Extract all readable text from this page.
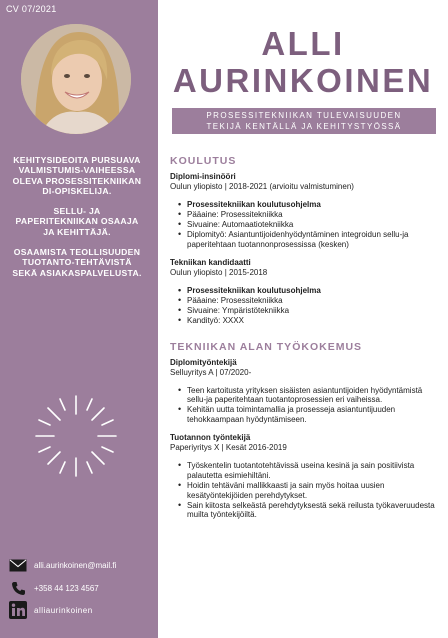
CV 07/2021

KEHITYSIDEOITA PURSUAVA VALMISTUMIS-VAIHEESSA OLEVA PROSESSITEKNIIKAN DI-OPISKELIJA.

SELLU- JA PAPERITEKNIIKAN OSAAJA JA KEHITTÄJÄ.

OSAAMISTA TEOLLISUUDEN TUOTANTO-TEHTÄVISTÄ SEKÄ ASIAKASPALVELUSTA.

alli.aurinkoinen@mail.fi
+358 44 123 4567
alliaurinkoinen
ALLI
AURINKOINEN
PROSESSITEKNIIKAN TULEVAISUUDEN
TEKIJÄ KENTÄLLÄ JA KEHITYSTYÖSSÄ
KOULUTUS
Diplomi-insinööri
Oulun yliopisto | 2018-2021 (arvioitu valmistuminen)
• Prosessitekniikan koulutusohjelma
• Pääaine: Prosessitekniikka
• Sivuaine: Automaatiotekniikka
• Diplomityö: Asiantuntijoidenhyödyntäminen integroidun sellu-ja paperitehtaan tuotannonprosessissa (kesken)
Tekniikan kandidaatti
Oulun yliopisto | 2015-2018
• Prosessitekniikan koulutusohjelma
• Pääaine: Prosessitekniikka
• Sivuaine: Ympäristötekniikka
• Kandityö: XXXX
TEKNIIKAN ALAN TYÖKOKEMUS
Diplomityöntekijä
Selluyritys A | 07/2020-
• Teen kartoitusta yrityksen sisäisten asiantuntijoiden hyödyntämistä sellu-ja paperitehtaan tuotantoprosessien eri vaiheissa.
• Kehitän uutta toimintamallia ja prosesseja asiantuntijuuden tehokkaampaan hyödyntämiseen.
Tuotannon työntekijä
Paperiyritys X | Kesät 2016-2019
• Työskentelin tuotantotehtävissä useina kesinä ja sain positiivista palautetta esimiehiltäni.
• Hoidin tehtäväni mallikkaasti ja sain myös hoitaa uusien kesätyöntekijöiden perehdytykset.
• Sain kiitosta selkeästä perehdytyksestä sekä reilusta työkaveruudesta muilta työntekijöiltä.
